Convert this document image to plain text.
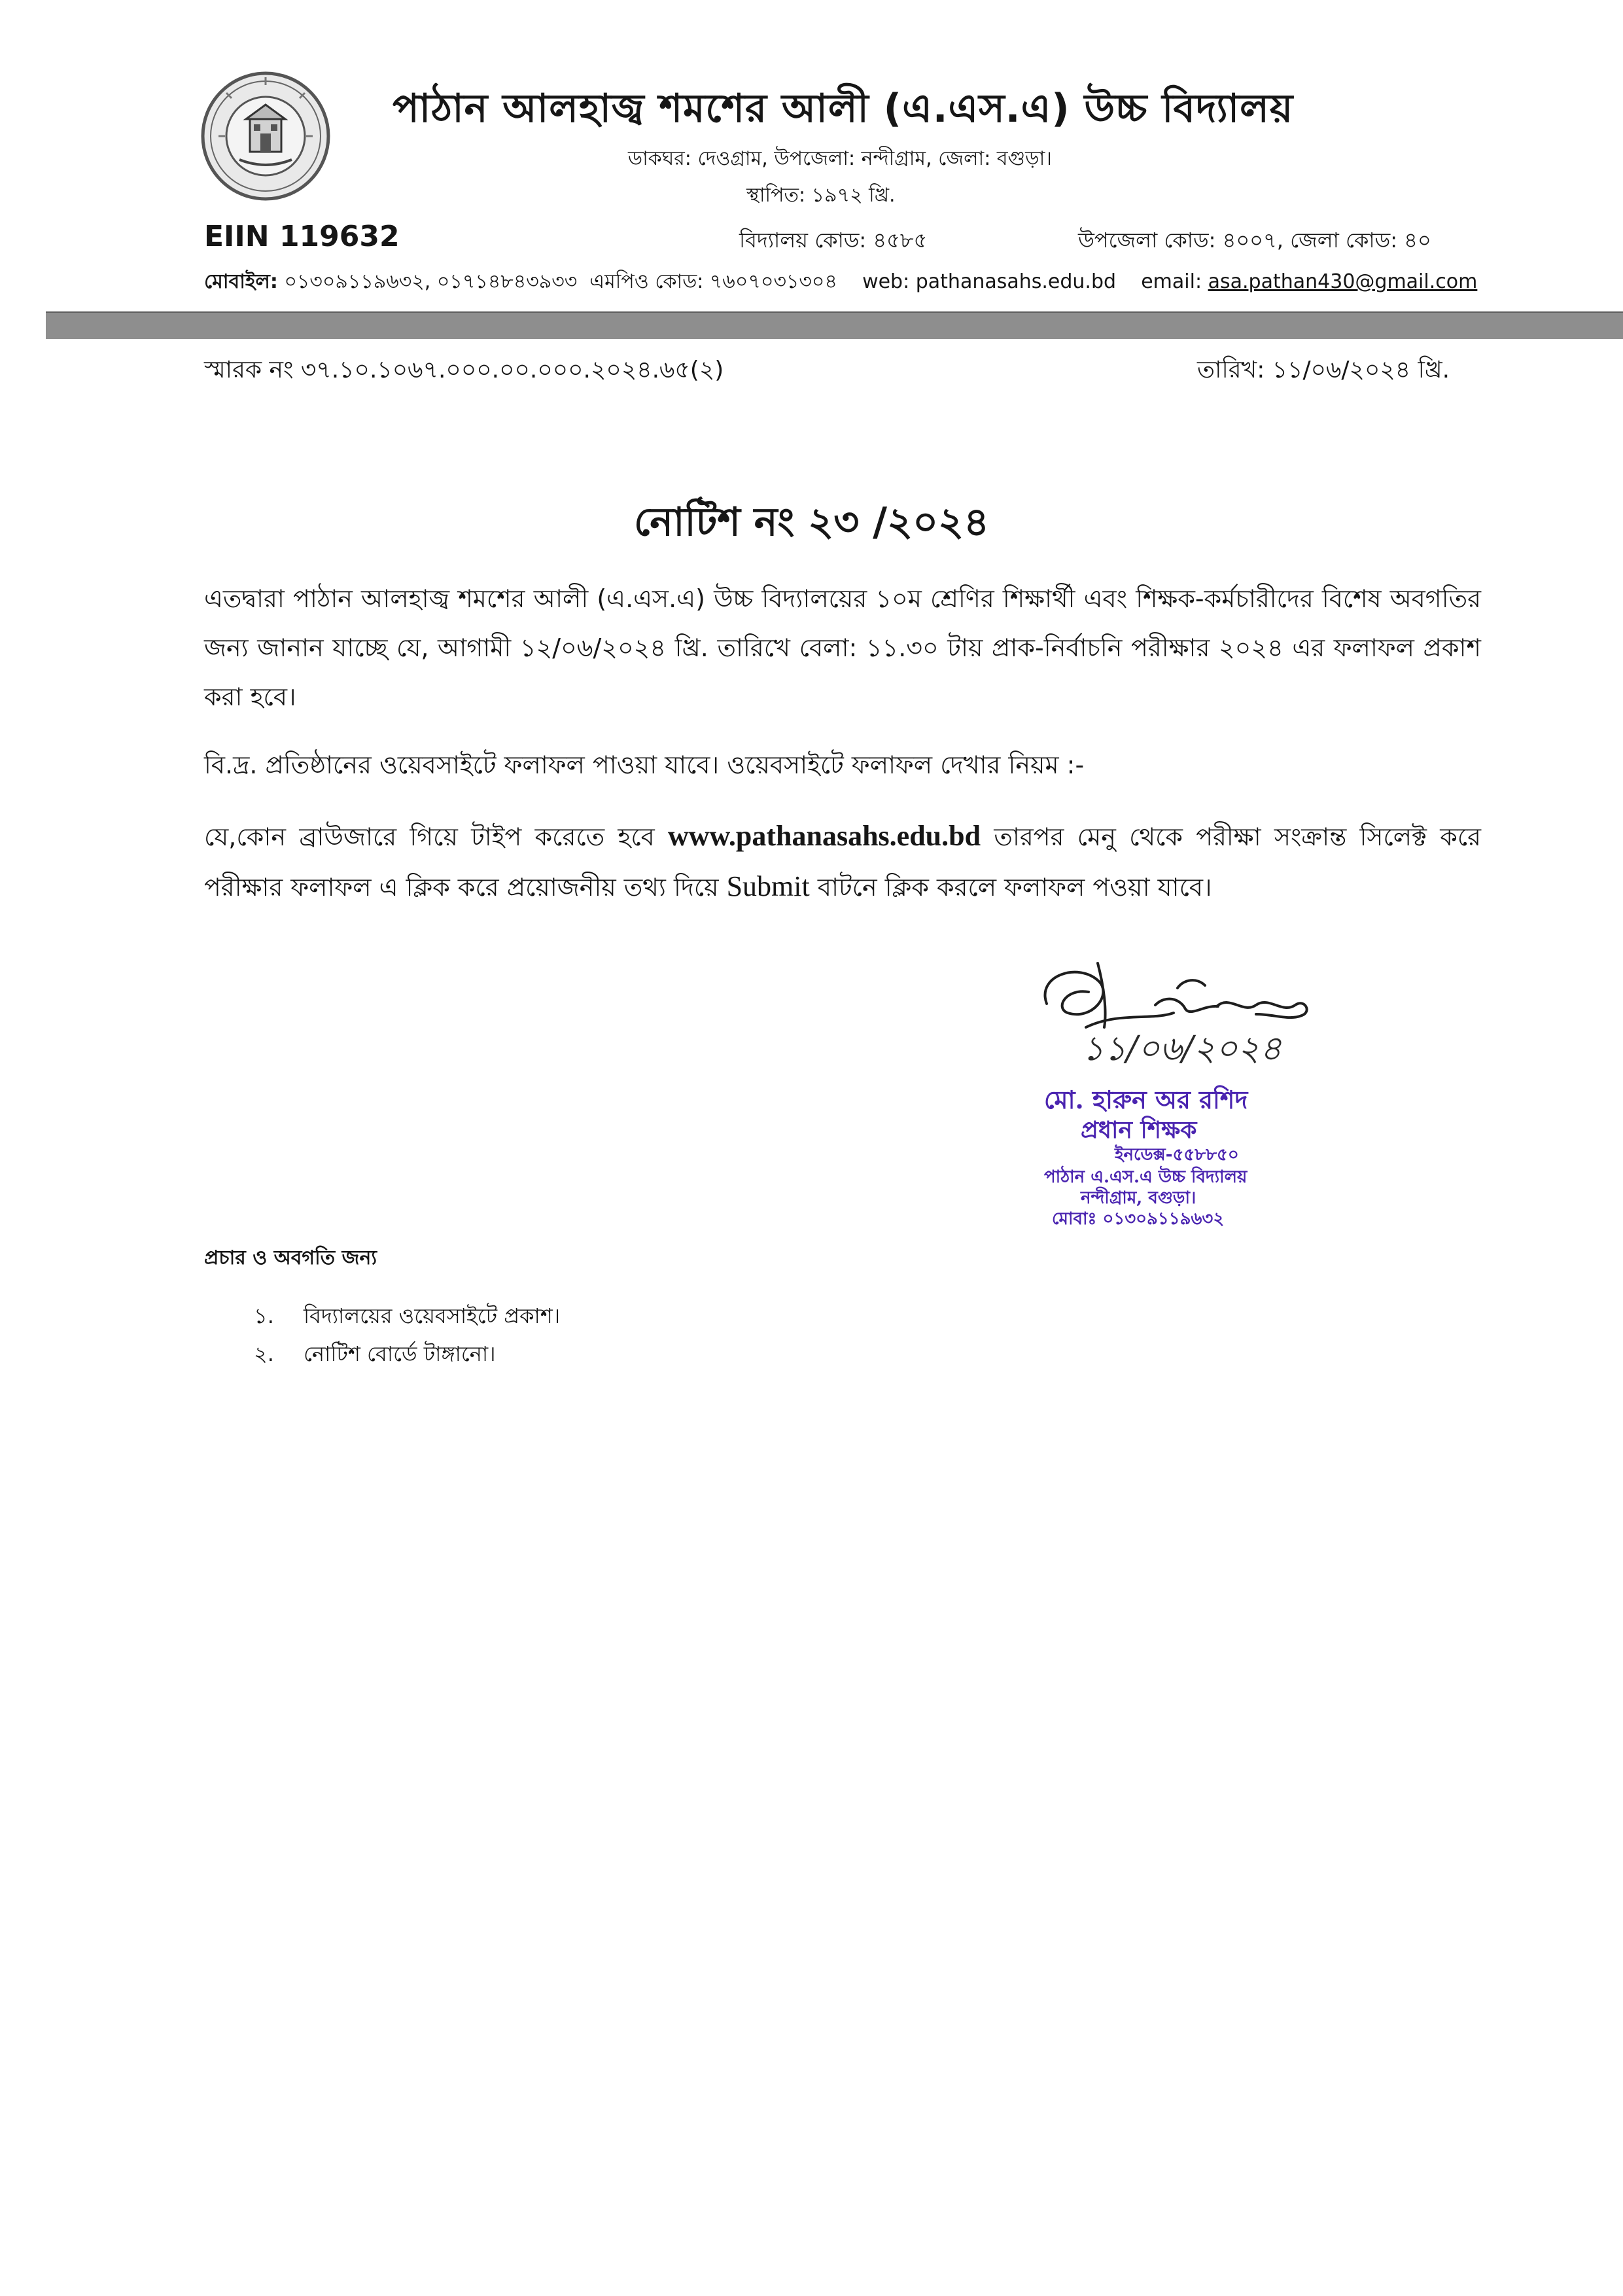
পাঠান আলহাজ্ব শমশের আলী (এ.এস.এ) উচ্চ বিদ্যালয়
ডাকঘর: দেওগ্রাম, উপজেলা: নন্দীগ্রাম, জেলা: বগুড়া।
স্থাপিত: ১৯৭২ খ্রি.
EIIN 119632	বিদ্যালয় কোড: ৪৫৮৫	উপজেলা কোড: ৪০০৭, জেলা কোড: ৪০
মোবাইল: ০১৩০৯১১৯৬৩২, ০১৭১৪৮৪৩৯৩৩ এমপিও কোড: ৭৬০৭০৩১৩০৪ web: pathanasahs.edu.bd email: asa.pathan430@gmail.com
স্মারক নং ৩৭.১০.১০৬৭.০০০.০০.০০০.২০২৪.৬৫(২)	তারিখ: ১১/০৬/২০২৪ খ্রি.
নোটিশ নং ২৩ /২০২৪

এতদ্বারা পাঠান আলহাজ্ব শমশের আলী (এ.এস.এ) উচ্চ বিদ্যালয়ের ১০ম শ্রেণির শিক্ষার্থী এবং শিক্ষক-কর্মচারীদের বিশেষ অবগতির জন্য জানান যাচ্ছে যে, আগামী ১২/০৬/২০২৪ খ্রি. তারিখে বেলা: ১১.৩০ টায় প্রাক-নির্বাচনি পরীক্ষার ২০২৪ এর ফলাফল প্রকাশ করা হবে।

বি.দ্র. প্রতিষ্ঠানের ওয়েবসাইটে ফলাফল পাওয়া যাবে। ওয়েবসাইটে ফলাফল দেখার নিয়ম :-

যে,কোন ব্রাউজারে গিয়ে টাইপ করেতে হবে www.pathanasahs.edu.bd তারপর মেনু থেকে পরীক্ষা সংক্রান্ত সিলেক্ট করে পরীক্ষার ফলাফল এ ক্লিক করে প্রয়োজনীয় তথ্য দিয়ে Submit বাটনে ক্লিক করলে ফলাফল পওয়া যাবে।

১১/০৬/২০২৪
মো. হারুন অর রশিদ
প্রধান শিক্ষক
ইনডেক্স-৫৫৮৮৫০
পাঠান এ.এস.এ উচ্চ বিদ্যালয়
নন্দীগ্রাম, বগুড়া।
মোবাঃ ০১৩০৯১১৯৬৩২
প্রচার ও অবগতি জন্য
১. বিদ্যালয়ের ওয়েবসাইটে প্রকাশ।
২. নোটিশ বোর্ডে টাঙ্গানো।
